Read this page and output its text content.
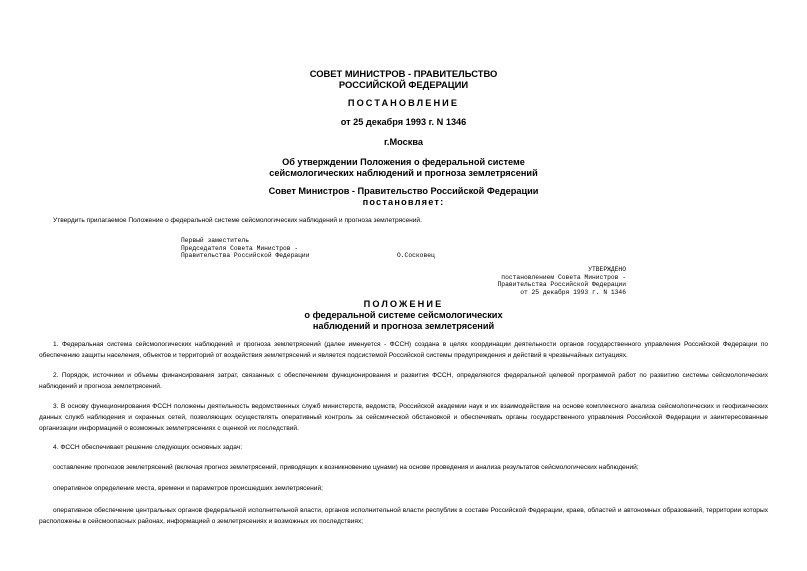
СОВЕТ МИНИСТРОВ - ПРАВИТЕЛЬСТВО
РОССИЙСКОЙ ФЕДЕРАЦИИ
ПОСТАНОВЛЕНИЕ
от 25 декабря 1993 г. N 1346
г.Москва
Об утверждении Положения о федеральной системе
сейсмологических наблюдений и прогноза землетрясений
Совет Министров - Правительство Российской Федерации
постановляет:
Утвердить прилагаемое Положение о федеральной системе сейсмологических наблюдений и прогноза землетрясений.
Первый заместитель
Председателя Совета Министров -
Правительства Российской Федерации	О.Сосковец
УТВЕРЖДЕНО
постановлением Совета Министров -
Правительства Российской Федерации
от 25 декабря 1993 г. N 1346
ПОЛОЖЕНИЕ
о федеральной системе сейсмологических
наблюдений и прогноза землетрясений
1. Федеральная система сейсмологических наблюдений и прогноза землетрясений (далее именуется - ФССН) создана в целях координации деятельности органов государственного управления Российской Федерации по обеспечению защиты населения, объектов и территорий от воздействия землетрясений и является подсистемой Российской системы предупреждения и действий в чрезвычайных ситуациях.
2. Порядок, источники и объемы финансирования затрат, связанных с обеспечением функционирования и развития ФССН, определяются федеральной целевой программой работ по развитию системы сейсмологических наблюдений и прогноза землетрясений.
3. В основу функционирования ФССН положены деятельность ведомственных служб министерств, ведомств, Российской академии наук и их взаимодействие на основе комплексного анализа сейсмологических и геофизических данных служб наблюдения и охранных сетей, позволяющих осуществлять оперативный контроль за сейсмической обстановкой и обеспечивать органы государственного управления Российской Федерации и заинтересованные организации информацией о возможных землетрясениях с оценкой их последствий.
4. ФССН обеспечивает решение следующих основных задач:
составление прогнозов землетрясений (включая прогноз землетрясений, приводящих к возникновению цунами) на основе проведения и анализа результатов сейсмологических наблюдений;
оперативное определение места, времени и параметров происшедших землетрясений;
оперативное обеспечение центральных органов федеральной исполнительной власти, органов исполнительной власти республик в составе Российской Федерации, краев, областей и автономных образований, территории которых расположены в сейсмоопасных районах, информацией о землетрясениях и возможных их последствиях;
